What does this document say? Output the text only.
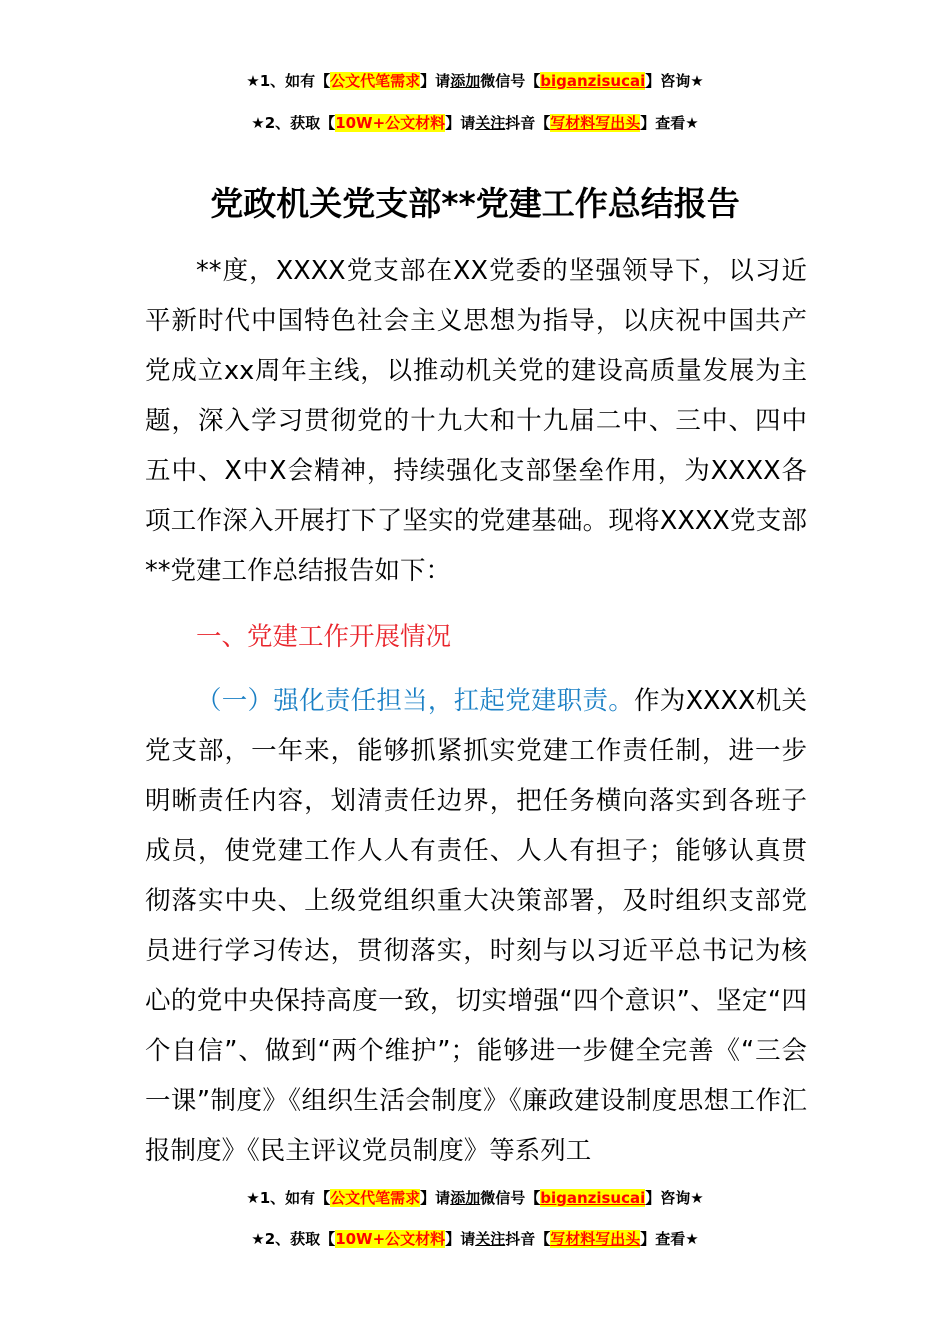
★1、如有【公文代笔需求】请添加微信号【biganzisucai】咨询★
★2、获取【10W+公文材料】请关注抖音【写材料写出头】查看★
党政机关党支部**党建工作总结报告

**度，XXXX党支部在XX党委的坚强领导下，以习近平新时代中国特色社会主义思想为指导，以庆祝中国共产党成立xx周年主线，以推动机关党的建设高质量发展为主题，深入学习贯彻党的十九大和十九届二中、三中、四中五中、X中X会精神，持续强化支部堡垒作用，为XXXX各项工作深入开展打下了坚实的党建基础。现将XXXX党支部**党建工作总结报告如下：

一、党建工作开展情况

（一）强化责任担当，扛起党建职责。作为XXXX机关党支部，一年来，能够抓紧抓实党建工作责任制，进一步明晰责任内容，划清责任边界，把任务横向落实到各班子成员，使党建工作人人有责任、人人有担子；能够认真贯彻落实中央、上级党组织重大决策部署，及时组织支部党员进行学习传达，贯彻落实，时刻与以习近平总书记为核心的党中央保持高度一致，切实增强“四个意识”、坚定“四个自信”、做到“两个维护”；能够进一步健全完善《“三会一课”制度》《组织生活会制度》《廉政建设制度思想工作汇报制度》《民主评议党员制度》等系列工

★1、如有【公文代笔需求】请添加微信号【biganzisucai】咨询★
★2、获取【10W+公文材料】请关注抖音【写材料写出头】查看★
